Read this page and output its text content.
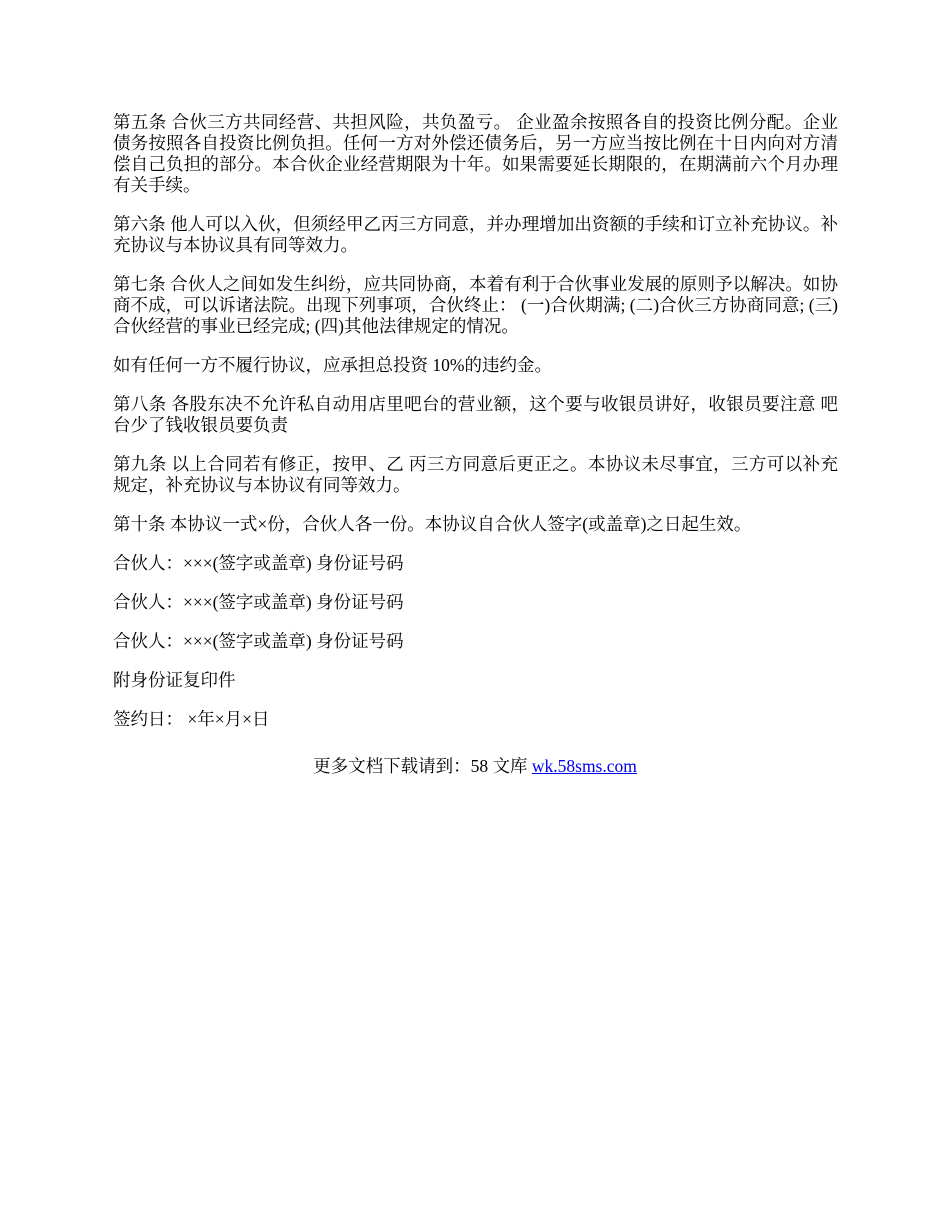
第五条 合伙三方共同经营、共担风险，共负盈亏。 企业盈余按照各自的投资比例分配。企业债务按照各自投资比例负担。任何一方对外偿还债务后，另一方应当按比例在十日内向对方清偿自己负担的部分。本合伙企业经营期限为十年。如果需要延长期限的，在期满前六个月办理有关手续。

第六条 他人可以入伙，但须经甲乙丙三方同意，并办理增加出资额的手续和订立补充协议。补充协议与本协议具有同等效力。

第七条 合伙人之间如发生纠纷，应共同协商，本着有利于合伙事业发展的原则予以解决。如协商不成，可以诉诸法院。出现下列事项，合伙终止： (一)合伙期满; (二)合伙三方协商同意; (三)合伙经营的事业已经完成; (四)其他法律规定的情况。

如有任何一方不履行协议，应承担总投资 10%的违约金。

第八条 各股东决不允许私自动用店里吧台的营业额，这个要与收银员讲好，收银员要注意 吧台少了钱收银员要负责

第九条 以上合同若有修正，按甲、乙 丙三方同意后更正之。本协议未尽事宜，三方可以补充规定，补充协议与本协议有同等效力。

第十条 本协议一式×份，合伙人各一份。本协议自合伙人签字(或盖章)之日起生效。

合伙人：×××(签字或盖章) 身份证号码

合伙人：×××(签字或盖章) 身份证号码

合伙人：×××(签字或盖章) 身份证号码

附身份证复印件

签约日： ×年×月×日

更多文档下载请到：58 文库 wk.58sms.com
